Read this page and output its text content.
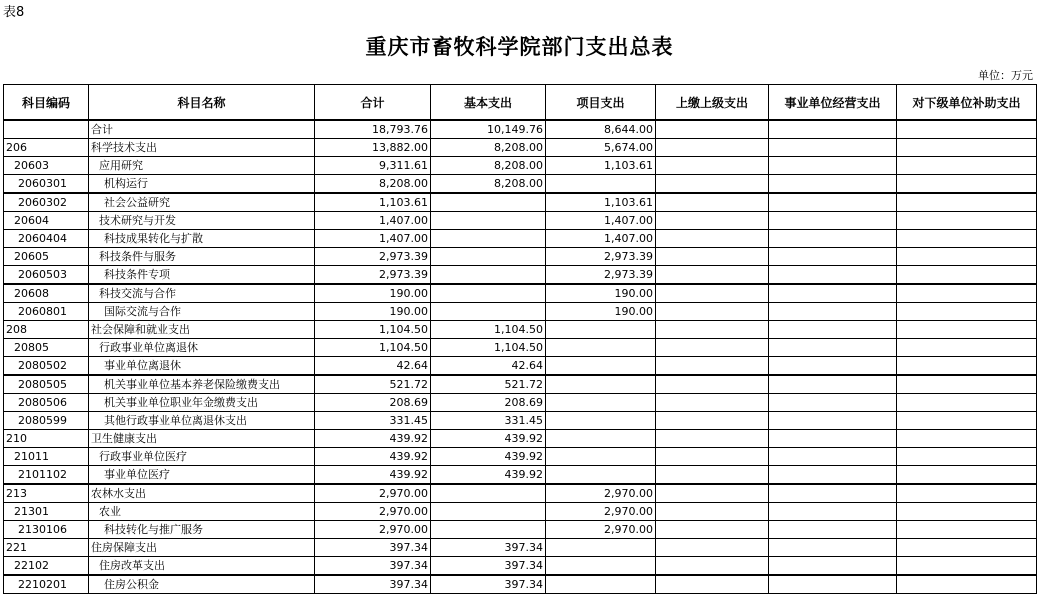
表8
重庆市畜牧科学院部门支出总表
单位：万元
科目编码	科目名称	合计	基本支出	项目支出	上缴上级支出	事业单位经营支出	对下级单位补助支出
	合计	18,793.76	10,149.76	8,644.00			
206	科学技术支出	13,882.00	8,208.00	5,674.00			
20603	应用研究	9,311.61	8,208.00	1,103.61			
2060301	机构运行	8,208.00	8,208.00				
2060302	社会公益研究	1,103.61		1,103.61			
20604	技术研究与开发	1,407.00		1,407.00			
2060404	科技成果转化与扩散	1,407.00		1,407.00			
20605	科技条件与服务	2,973.39		2,973.39			
2060503	科技条件专项	2,973.39		2,973.39			
20608	科技交流与合作	190.00		190.00			
2060801	国际交流与合作	190.00		190.00			
208	社会保障和就业支出	1,104.50	1,104.50				
20805	行政事业单位离退休	1,104.50	1,104.50				
2080502	事业单位离退休	42.64	42.64				
2080505	机关事业单位基本养老保险缴费支出	521.72	521.72				
2080506	机关事业单位职业年金缴费支出	208.69	208.69				
2080599	其他行政事业单位离退休支出	331.45	331.45				
210	卫生健康支出	439.92	439.92				
21011	行政事业单位医疗	439.92	439.92				
2101102	事业单位医疗	439.92	439.92				
213	农林水支出	2,970.00		2,970.00			
21301	农业	2,970.00		2,970.00			
2130106	科技转化与推广服务	2,970.00		2,970.00			
221	住房保障支出	397.34	397.34				
22102	住房改革支出	397.34	397.34				
2210201	住房公积金	397.34	397.34				
